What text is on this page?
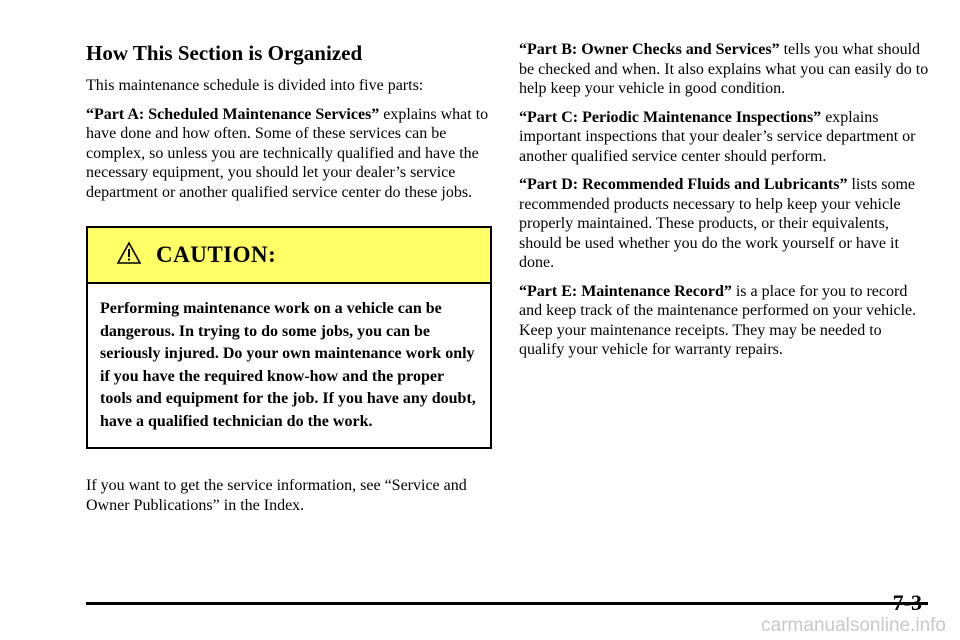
How This Section is Organized

This maintenance schedule is divided into five parts:

“Part A: Scheduled Maintenance Services” explains what to have done and how often. Some of these services can be complex, so unless you are technically qualified and have the necessary equipment, you should let your dealer’s service department or another qualified service center do these jobs.

CAUTION:
Performing maintenance work on a vehicle can be dangerous. In trying to do some jobs, you can be seriously injured. Do your own maintenance work only if you have the required know‑how and the proper tools and equipment for the job. If you have any doubt, have a qualified technician do the work.

If you want to get the service information, see “Service and Owner Publications” in the Index.

“Part B: Owner Checks and Services” tells you what should be checked and when. It also explains what you can easily do to help keep your vehicle in good condition.

“Part C: Periodic Maintenance Inspections” explains important inspections that your dealer’s service department or another qualified service center should perform.

“Part D: Recommended Fluids and Lubricants” lists some recommended products necessary to help keep your vehicle properly maintained. These products, or their equivalents, should be used whether you do the work yourself or have it done.

“Part E: Maintenance Record” is a place for you to record and keep track of the maintenance performed on your vehicle. Keep your maintenance receipts. They may be needed to qualify your vehicle for warranty repairs.

7-3
carmanualsonline.info
